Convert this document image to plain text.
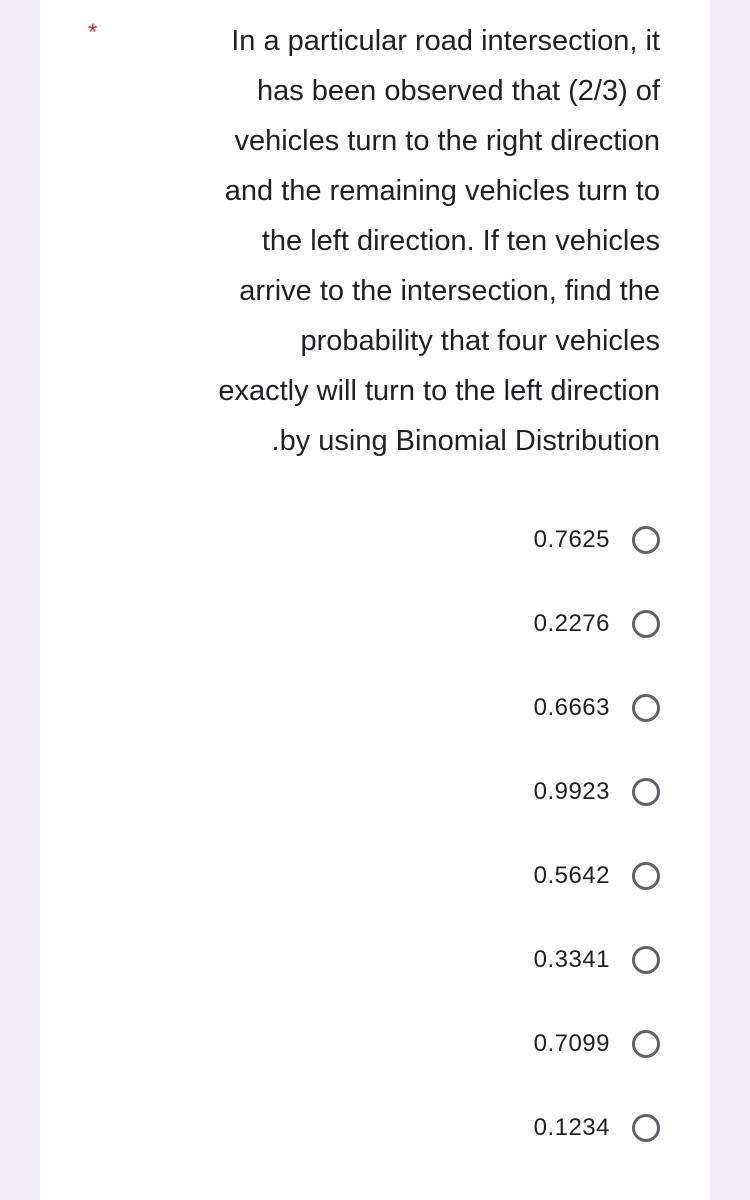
*	In a particular road intersection, it
has been observed that (2/3) of
vehicles turn to the right direction
and the remaining vehicles turn to
the left direction. If ten vehicles
arrive to the intersection, find the
probability that four vehicles
exactly will turn to the left direction
.by using Binomial Distribution

0.7625
0.2276
0.6663
0.9923
0.5642
0.3341
0.7099
0.1234
